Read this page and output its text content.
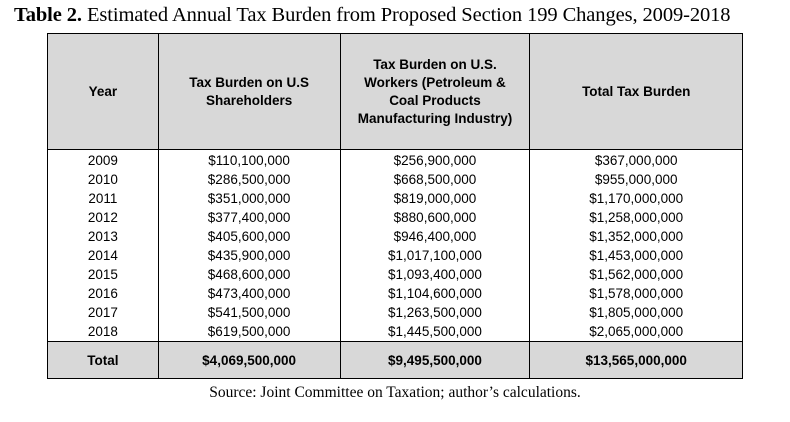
Table 2. Estimated Annual Tax Burden from Proposed Section 199 Changes, 2009-2018
Year	Tax Burden on U.S Shareholders	Tax Burden on U.S. Workers (Petroleum & Coal Products Manufacturing Industry)	Total Tax Burden
2009	$110,100,000	$256,900,000	$367,000,000
2010	$286,500,000	$668,500,000	$955,000,000
2011	$351,000,000	$819,000,000	$1,170,000,000
2012	$377,400,000	$880,600,000	$1,258,000,000
2013	$405,600,000	$946,400,000	$1,352,000,000
2014	$435,900,000	$1,017,100,000	$1,453,000,000
2015	$468,600,000	$1,093,400,000	$1,562,000,000
2016	$473,400,000	$1,104,600,000	$1,578,000,000
2017	$541,500,000	$1,263,500,000	$1,805,000,000
2018	$619,500,000	$1,445,500,000	$2,065,000,000
Total	$4,069,500,000	$9,495,500,000	$13,565,000,000
Source: Joint Committee on Taxation; author’s calculations.
